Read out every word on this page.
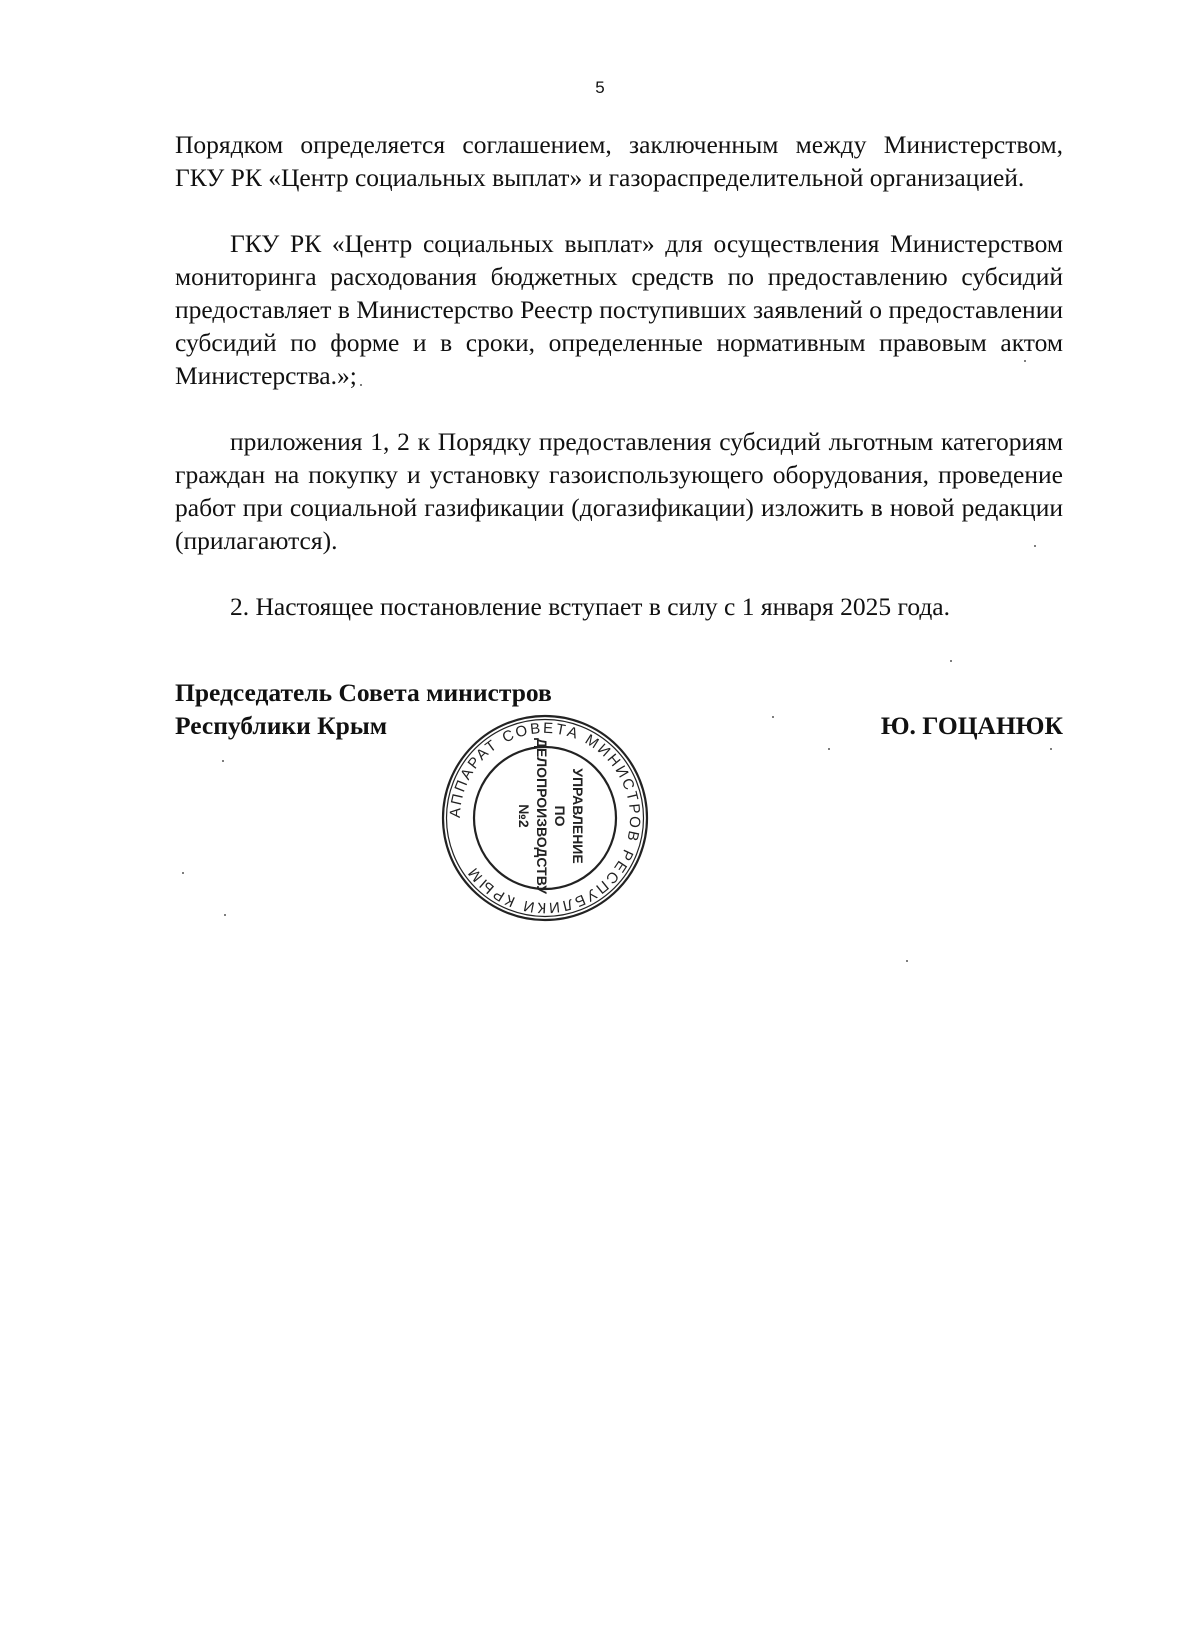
5

Порядком определяется соглашением, заключенным между Министерством, ГКУ РК «Центр социальных выплат» и газораспределительной организацией.

ГКУ РК «Центр социальных выплат» для осуществления Министерством мониторинга расходования бюджетных средств по предоставлению субсидий предоставляет в Министерство Реестр поступивших заявлений о предоставлении субсидий по форме и в сроки, определенные нормативным правовым актом Министерства.»;

приложения 1, 2 к Порядку предоставления субсидий льготным категориям граждан на покупку и установку газоиспользующего оборудования, проведение работ при социальной газификации (догазификации) изложить в новой редакции (прилагаются).

2. Настоящее постановление вступает в силу с 1 января 2025 года.

Председатель Совета министров
Республики Крым	Ю. ГОЦАНЮК
АППАРАТ СОВЕТА МИНИСТРОВ РЕСПУБЛИКИ КРЫМ
УПРАВЛЕНИЕ
ПО
ДЕЛОПРОИЗВОДСТВУ
№2
